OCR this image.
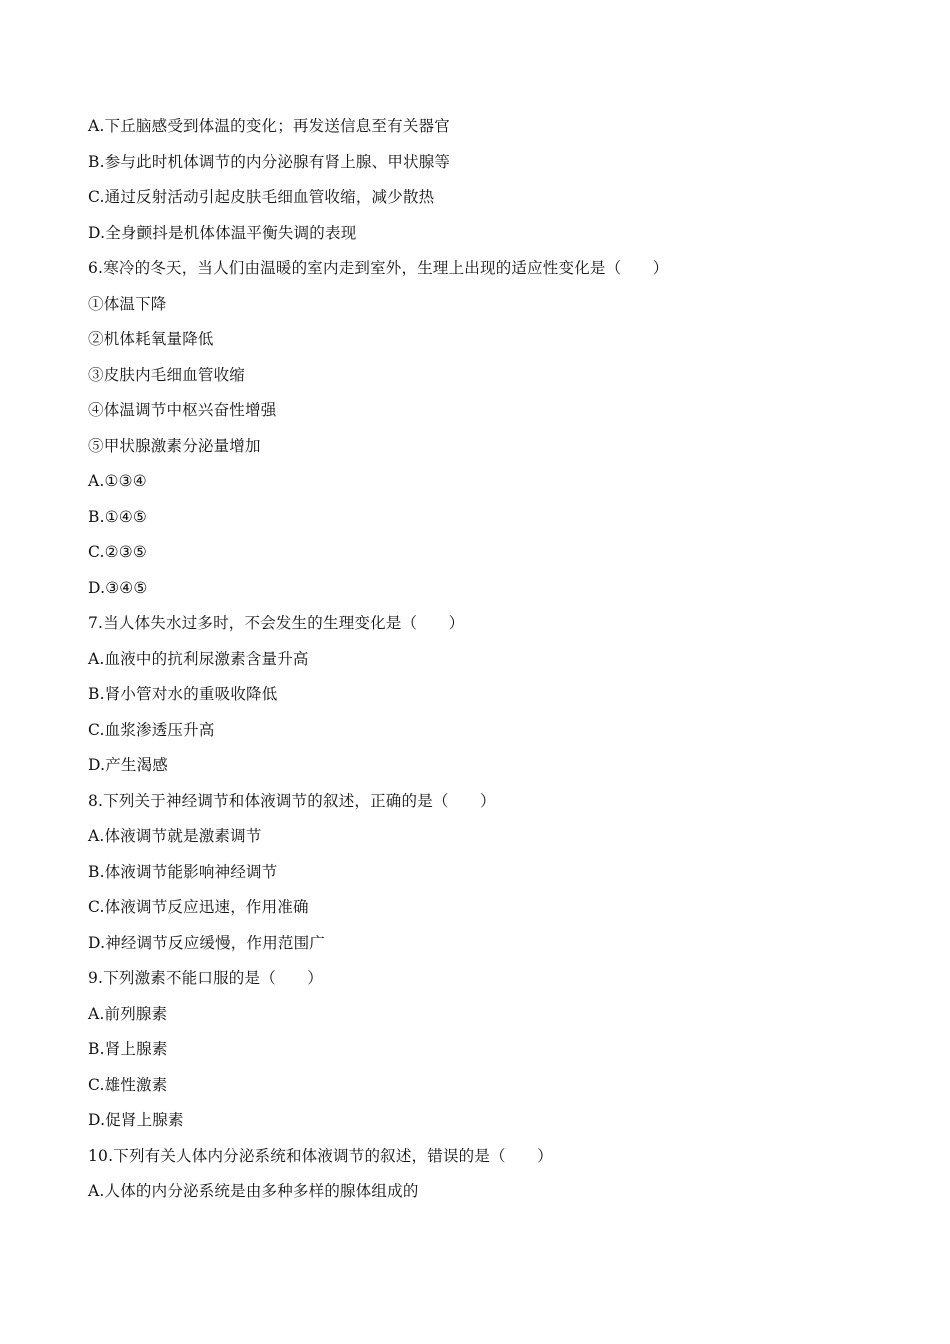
A.下丘脑感受到体温的变化；再发送信息至有关器官
B.参与此时机体调节的内分泌腺有肾上腺、甲状腺等
C.通过反射活动引起皮肤毛细血管收缩，减少散热
D.全身颤抖是机体体温平衡失调的表现
6.寒冷的冬天，当人们由温暖的室内走到室外，生理上出现的适应性变化是（　　）
①体温下降
②机体耗氧量降低
③皮肤内毛细血管收缩
④体温调节中枢兴奋性增强
⑤甲状腺激素分泌量增加
A.①③④
B.①④⑤
C.②③⑤
D.③④⑤
7.当人体失水过多时，不会发生的生理变化是（　　）
A.血液中的抗利尿激素含量升高
B.肾小管对水的重吸收降低
C.血浆渗透压升高
D.产生渴感
8.下列关于神经调节和体液调节的叙述，正确的是（　　）
A.体液调节就是激素调节
B.体液调节能影响神经调节
C.体液调节反应迅速，作用准确
D.神经调节反应缓慢，作用范围广
9.下列激素不能口服的是（　　）
A.前列腺素
B.肾上腺素
C.雄性激素
D.促肾上腺素
10.下列有关人体内分泌系统和体液调节的叙述，错误的是（　　）
A.人体的内分泌系统是由多种多样的腺体组成的
